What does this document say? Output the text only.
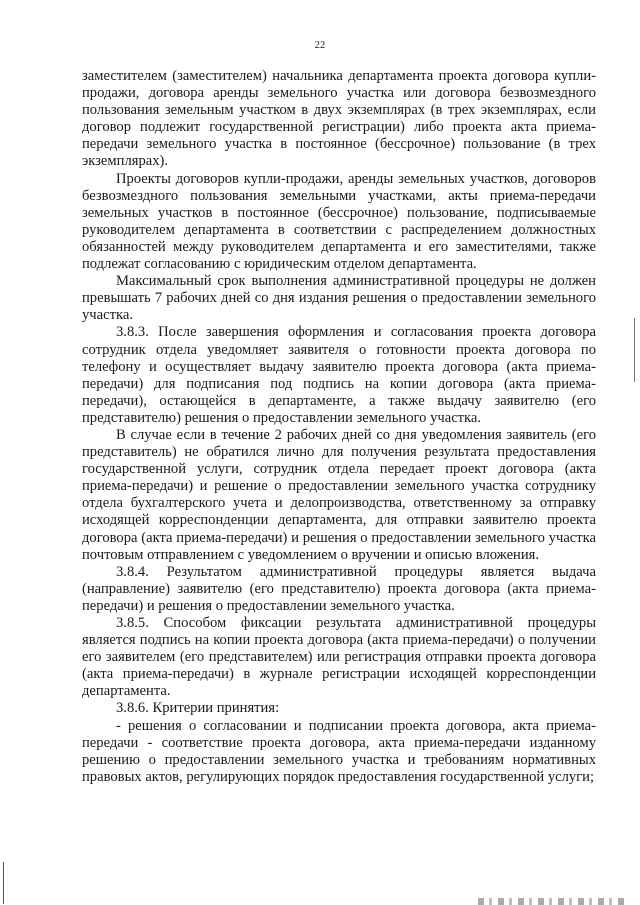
22

заместителем (заместителем) начальника департамента проекта договора купли-продажи, договора аренды земельного участка или договора безвозмездного пользования земельным участком в двух экземплярах (в трех экземплярах, если договор подлежит государственной регистрации) либо проекта акта приема-передачи земельного участка в постоянное (бессрочное) пользование (в трех экземплярах).

Проекты договоров купли-продажи, аренды земельных участков, договоров безвозмездного пользования земельными участками, акты приема-передачи земельных участков в постоянное (бессрочное) пользование, подписываемые руководителем департамента в соответствии с распределением должностных обязанностей между руководителем департамента и его заместителями, также подлежат согласованию с юридическим отделом департамента.

Максимальный срок выполнения административной процедуры не должен превышать 7 рабочих дней со дня издания решения о предоставлении земельного участка.

3.8.3. После завершения оформления и согласования проекта договора сотрудник отдела уведомляет заявителя о готовности проекта договора по телефону и осуществляет выдачу заявителю проекта договора (акта приема-передачи) для подписания под подпись на копии договора (акта приема-передачи), остающейся в департаменте, а также выдачу заявителю (его представителю) решения о предоставлении земельного участка.

В случае если в течение 2 рабочих дней со дня уведомления заявитель (его представитель) не обратился лично для получения результата предоставления государственной услуги, сотрудник отдела передает проект договора (акта приема-передачи) и решение о предоставлении земельного участка сотруднику отдела бухгалтерского учета и делопроизводства, ответственному за отправку исходящей корреспонденции департамента, для отправки заявителю проекта договора (акта приема-передачи) и решения о предоставлении земельного участка почтовым отправлением с уведомлением о вручении и описью вложения.

3.8.4. Результатом административной процедуры является выдача (направление) заявителю (его представителю) проекта договора (акта приема-передачи) и решения о предоставлении земельного участка.

3.8.5. Способом фиксации результата административной процедуры является подпись на копии проекта договора (акта приема-передачи) о получении его заявителем (его представителем) или регистрация отправки проекта договора (акта приема-передачи) в журнале регистрации исходящей корреспонденции департамента.

3.8.6. Критерии принятия:

- решения о согласовании и подписании проекта договора, акта приема-передачи - соответствие проекта договора, акта приема-передачи изданному решению о предоставлении земельного участка и требованиям нормативных правовых актов, регулирующих порядок предоставления государственной услуги;
